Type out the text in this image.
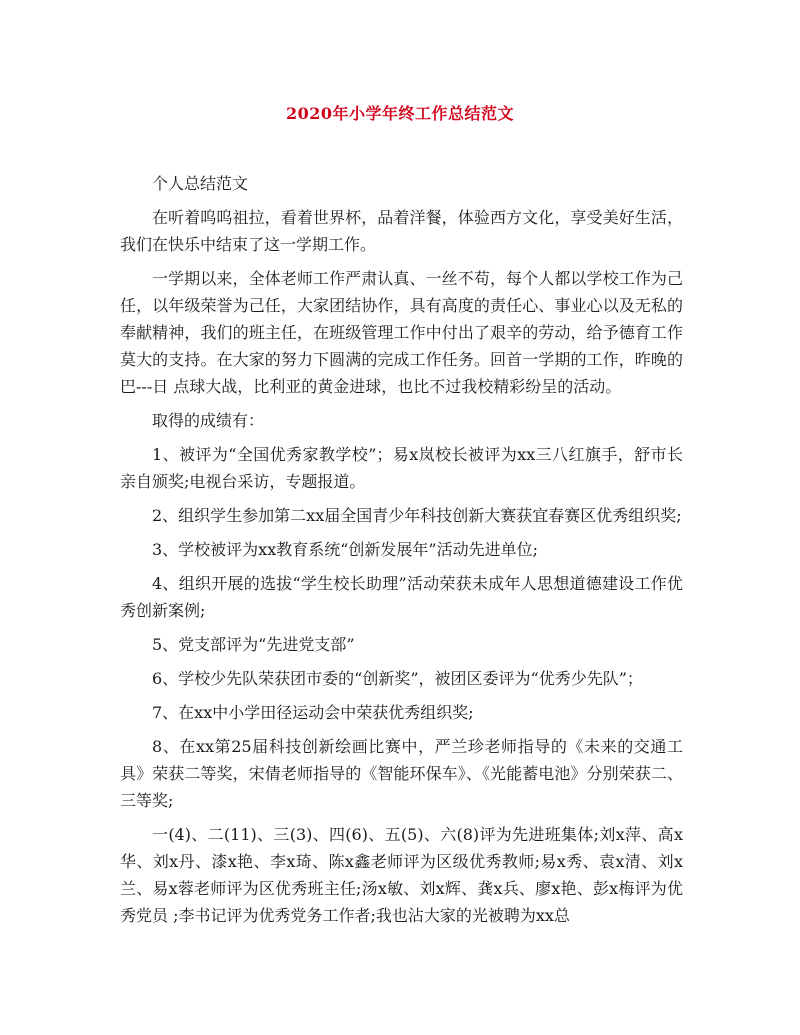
2020年小学年终工作总结范文

个人总结范文

在听着呜呜祖拉，看着世界杯，品着洋餐，体验西方文化，享受美好生活，我们在快乐中结束了这一学期工作。

一学期以来，全体老师工作严肃认真、一丝不苟，每个人都以学校工作为己任，以年级荣誉为己任，大家团结协作，具有高度的责任心、事业心以及无私的奉献精神，我们的班主任，在班级管理工作中付出了艰辛的劳动，给予德育工作莫大的支持。在大家的努力下圆满的完成工作任务。回首一学期的工作，昨晚的巴---日 点球大战，比利亚的黄金进球，也比不过我校精彩纷呈的活动。

取得的成绩有：

1、被评为“全国优秀家教学校”；易x岚校长被评为xx三八红旗手，舒市长亲自颁奖;电视台采访，专题报道。

2、组织学生参加第二xx届全国青少年科技创新大赛获宜春赛区优秀组织奖;

3、学校被评为xx教育系统“创新发展年”活动先进单位;

4、组织开展的选拔“学生校长助理”活动荣获未成年人思想道德建设工作优秀创新案例;

5、党支部评为“先进党支部”

6、学校少先队荣获团市委的“创新奖”，被团区委评为“优秀少先队”；

7、在xx中小学田径运动会中荣获优秀组织奖;

8、在xx第25届科技创新绘画比赛中，严兰珍老师指导的《未来的交通工具》荣获二等奖，宋倩老师指导的《智能环保车》、《光能蓄电池》分别荣获二、三等奖;

一(4)、二(11)、三(3)、四(6)、五(5)、六(8)评为先进班集体;刘x萍、高x华、刘x丹、漆x艳、李x琦、陈x鑫老师评为区级优秀教师;易x秀、袁x清、刘x兰、易x蓉老师评为区优秀班主任;汤x敏、刘x辉、龚x兵、廖x艳、彭x梅评为优秀党员 ;李书记评为优秀党务工作者;我也沾大家的光被聘为xx总
